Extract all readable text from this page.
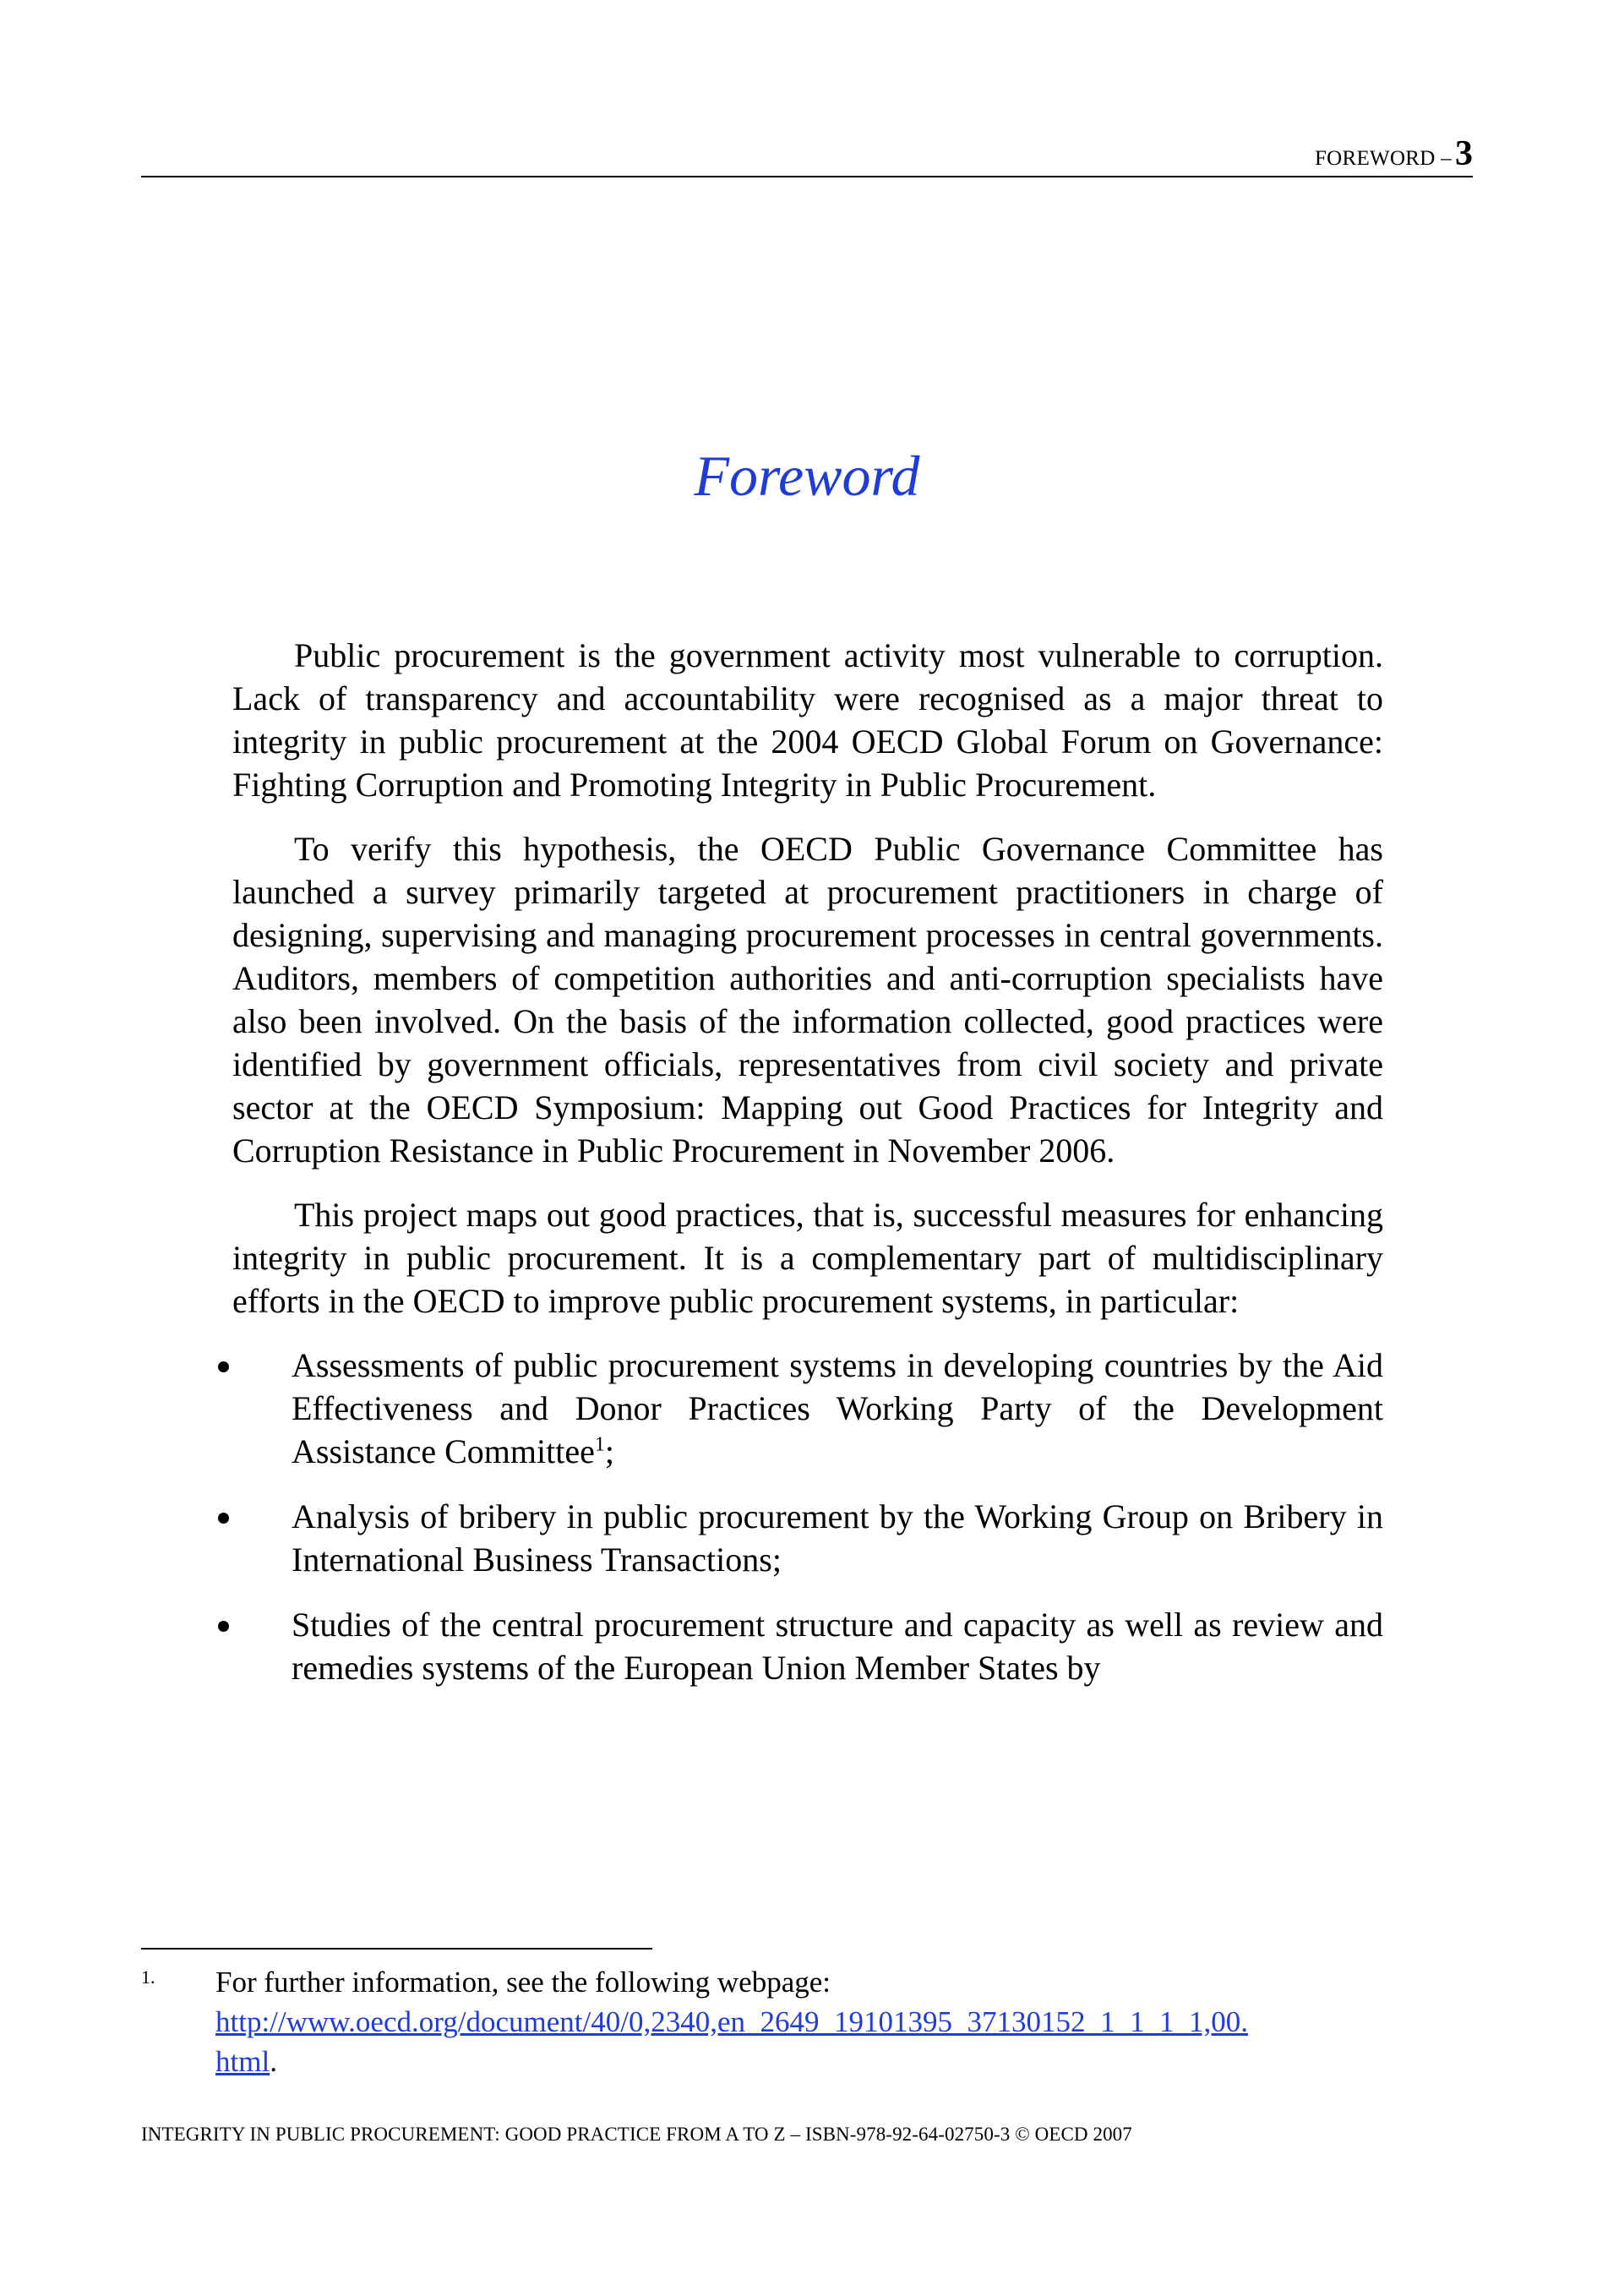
FOREWORD – 3
Foreword

Public procurement is the government activity most vulnerable to corruption. Lack of transparency and accountability were recognised as a major threat to integrity in public procurement at the 2004 OECD Global Forum on Governance: Fighting Corruption and Promoting Integrity in Public Procurement.

To verify this hypothesis, the OECD Public Governance Committee has launched a survey primarily targeted at procurement practitioners in charge of designing, supervising and managing procurement processes in central governments. Auditors, members of competition authorities and anti-corruption specialists have also been involved. On the basis of the information collected, good practices were identified by government officials, representatives from civil society and private sector at the OECD Symposium: Mapping out Good Practices for Integrity and Corruption Resistance in Public Procurement in November 2006.

This project maps out good practices, that is, successful measures for enhancing integrity in public procurement. It is a complementary part of multidisciplinary efforts in the OECD to improve public procurement systems, in particular:

Assessments of public procurement systems in developing countries by the Aid Effectiveness and Donor Practices Working Party of the Development Assistance Committee$^1$;
Analysis of bribery in public procurement by the Working Group on Bribery in International Business Transactions;
Studies of the central procurement structure and capacity as well as review and remedies systems of the European Union Member States by
1. For further information, see the following webpage:
http://www.oecd.org/document/40/0,2340,en_2649_19101395_37130152_1_1_1_1,00.
html.
INTEGRITY IN PUBLIC PROCUREMENT: GOOD PRACTICE FROM A TO Z – ISBN-978-92-64-02750-3 © OECD 2007
